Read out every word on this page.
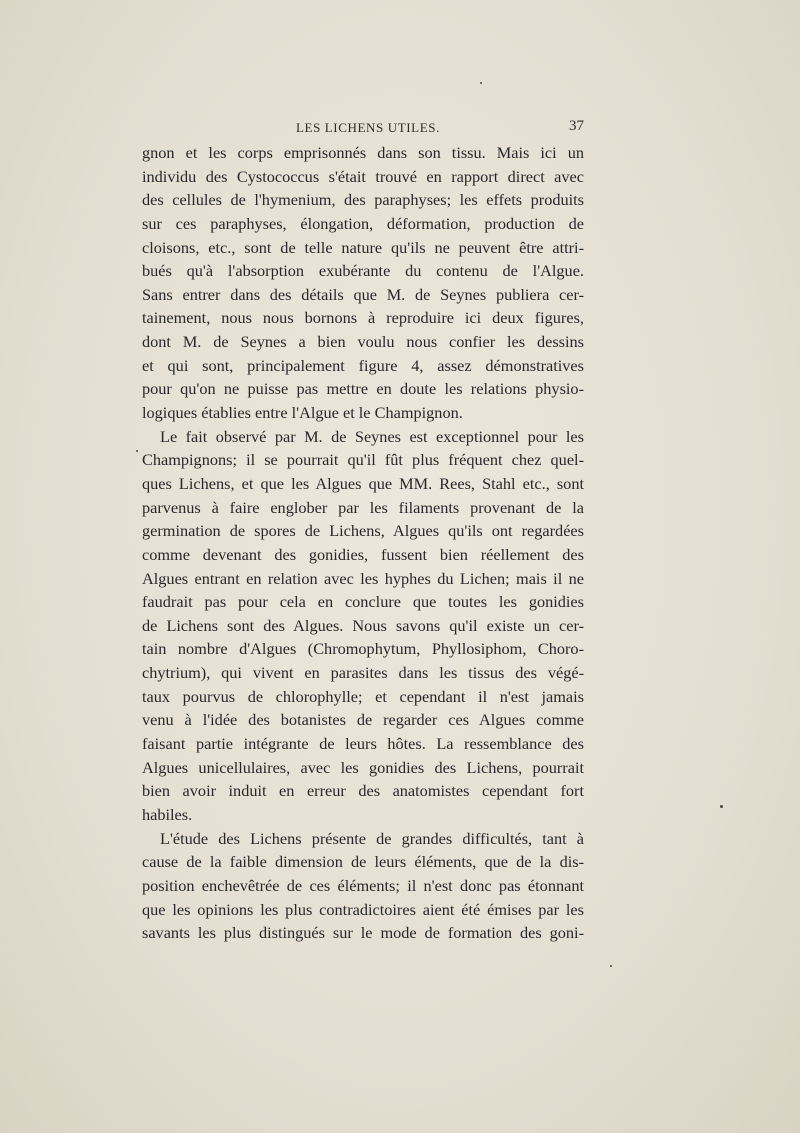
LES LICHENS UTILES.	37
gnon et les corps emprisonnés dans son tissu. Mais ici un
individu des Cystococcus s'était trouvé en rapport direct avec
des cellules de l'hymenium, des paraphyses; les effets produits
sur ces paraphyses, élongation, déformation, production de
cloisons, etc., sont de telle nature qu'ils ne peuvent être attri-
bués qu'à l'absorption exubérante du contenu de l'Algue.
Sans entrer dans des détails que M. de Seynes publiera cer-
tainement, nous nous bornons à reproduire ici deux figures,
dont M. de Seynes a bien voulu nous confier les dessins
et qui sont, principalement figure 4, assez démonstratives
pour qu'on ne puisse pas mettre en doute les relations physio-
logiques établies entre l'Algue et le Champignon.
Le fait observé par M. de Seynes est exceptionnel pour les
Champignons; il se pourrait qu'il fût plus fréquent chez quel-
ques Lichens, et que les Algues que MM. Rees, Stahl etc., sont
parvenus à faire englober par les filaments provenant de la
germination de spores de Lichens, Algues qu'ils ont regardées
comme devenant des gonidies, fussent bien réellement des
Algues entrant en relation avec les hyphes du Lichen; mais il ne
faudrait pas pour cela en conclure que toutes les gonidies
de Lichens sont des Algues. Nous savons qu'il existe un cer-
tain nombre d'Algues (Chromophytum, Phyllosiphom, Choro-
chytrium), qui vivent en parasites dans les tissus des végé-
taux pourvus de chlorophylle; et cependant il n'est jamais
venu à l'idée des botanistes de regarder ces Algues comme
faisant partie intégrante de leurs hôtes. La ressemblance des
Algues unicellulaires, avec les gonidies des Lichens, pourrait
bien avoir induit en erreur des anatomistes cependant fort
habiles.
L'étude des Lichens présente de grandes difficultés, tant à
cause de la faible dimension de leurs éléments, que de la dis-
position enchevêtrée de ces éléments; il n'est donc pas étonnant
que les opinions les plus contradictoires aient été émises par les
savants les plus distingués sur le mode de formation des goni-
